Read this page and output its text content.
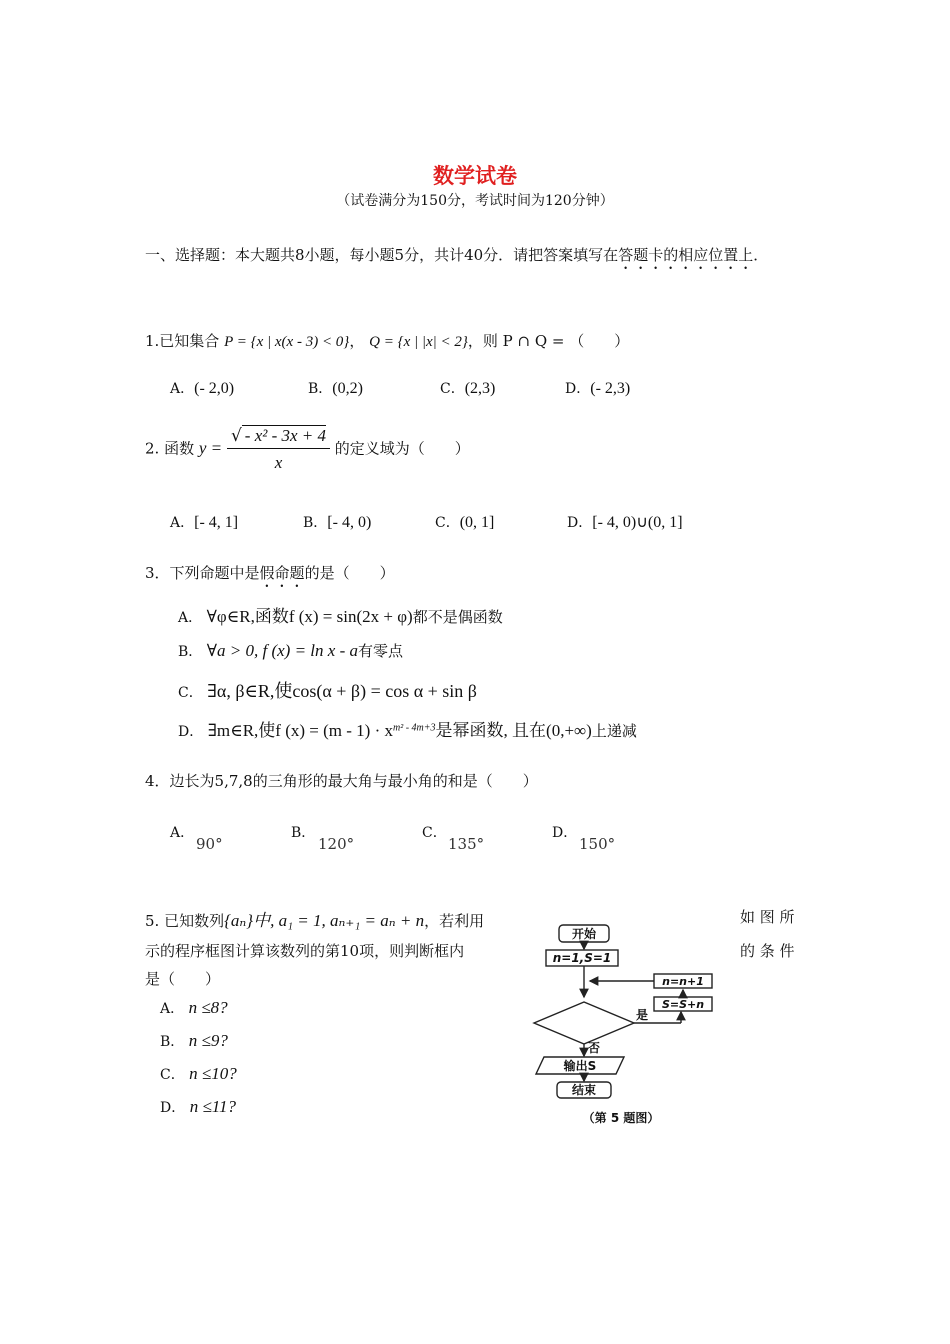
数学试卷
（试卷满分为150分，考试时间为120分钟）
一、选择题：本大题共8小题，每小题5分，共计40分．请把答案填写在答题卡的相应位置上．
1.已知集合 P = {x | x(x - 3) < 0}， Q = {x | |x| < 2}，则 P ∩ Q = （　　）
A．(- 2,0)	B．(0,2)	C．(2,3)	D．(- 2,3)
2. 函数 $y = \frac{\text{√ - x² - 3x + 4}}{x}$ 的定义域为（　　）
A．[- 4, 1]	B．[- 4, 0)	C．(0, 1]	D．[- 4, 0)∪(0, 1]
3．下列命题中是假命题的是（　　）
A． ∀φ∈R,函数f (x) = sin(2x + φ)都不是偶函数
B． ∀a > 0, f (x) = ln x - a有零点
C． ∃α, β∈R,使cos(α + β) = cos α + sin β
D． ∃m∈R,使f $(x) = (m - 1) \cdot x^{m^2 - 4m+3}$是幂函数, 且在(0,+∞)上递减
4．边长为5,7,8的三角形的最大角与最小角的和是（　　）
A．
90°
B．
120°
C．
135°
D．
150°
5. 已知数列{aₙ}中, a₁ = 1, aₙ₊₁ = aₙ + n，若利用	如 图 所
示的程序框图计算该数列的第10项，则判断框内	的 条 件
是（　　）
A． n ≤8?
B． n ≤9?
C． n ≤10?
D． n ≤11?
开始
n=1,S=1
n=n+1
S=S+n
是
否
输出S
结束
（第 5 题图）
